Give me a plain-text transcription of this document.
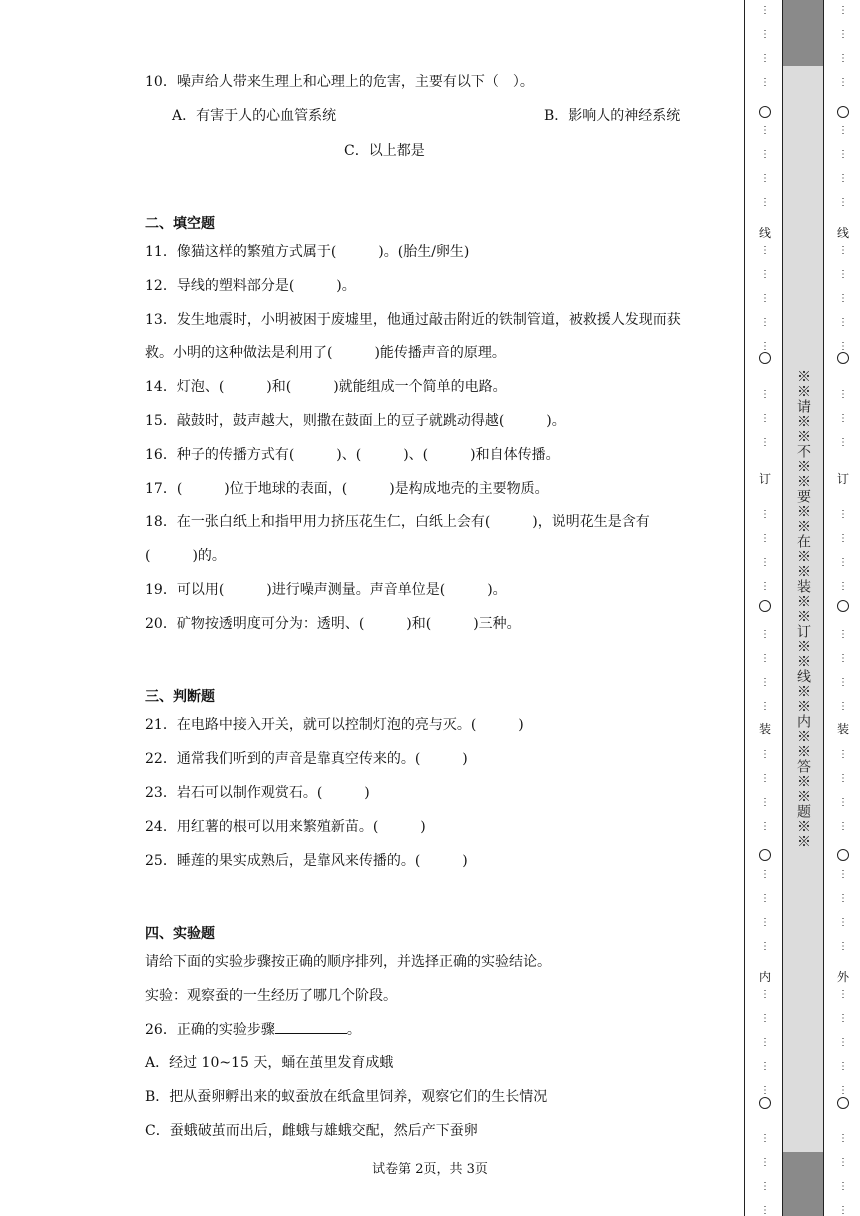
10．噪声给人带来生理上和心理上的危害，主要有以下（　）。
A．有害于人的心血管系统	B．影响人的神经系统
C．以上都是
二、填空题
11．像猫这样的繁殖方式属于(　　　)。(胎生/卵生)
12．导线的塑料部分是(　　　)。
13．发生地震时，小明被困于废墟里，他通过敲击附近的铁制管道，被救援人发现而获
救。小明的这种做法是利用了(　　　)能传播声音的原理。
14．灯泡、(　　　)和(　　　)就能组成一个简单的电路。
15．敲鼓时，鼓声越大，则撒在鼓面上的豆子就跳动得越(　　　)。
16．种子的传播方式有(　　　)、(　　　)、(　　　)和自体传播。
17．(　　　)位于地球的表面，(　　　)是构成地壳的主要物质。
18．在一张白纸上和指甲用力挤压花生仁，白纸上会有(　　　)，说明花生是含有
(　　　)的。
19．可以用(　　　)进行噪声测量。声音单位是(　　　)。
20．矿物按透明度可分为：透明、(　　　)和(　　　)三种。
三、判断题
21．在电路中接入开关，就可以控制灯泡的亮与灭。(　　　)
22．通常我们听到的声音是靠真空传来的。(　　　)
23．岩石可以制作观赏石。(　　　)
24．用红薯的根可以用来繁殖新苗。(　　　)
25．睡莲的果实成熟后，是靠风来传播的。(　　　)
四、实验题
请给下面的实验步骤按正确的顺序排列，并选择正确的实验结论。
实验：观察蚕的一生经历了哪几个阶段。
26．正确的实验步骤	。
A．经过 10~15 天，蛹在茧里发育成蛾
B．把从蚕卵孵出来的蚁蚕放在纸盒里饲养，观察它们的生长情况
C．蚕蛾破茧而出后，雌蛾与雄蛾交配，然后产下蚕卵
试卷第 2页，共 3页
※※请※※不※※要※※在※※装※※订※※线※※内※※答※※题※※
线
订
装
内
⋮
⋮
⋮
⋮
⋮
⋮
⋮
⋮
⋮
⋮
⋮
⋮
⋮
⋮
⋮
⋮
⋮
⋮
⋮
⋮
⋮
⋮
⋮
⋮
⋮
⋮
⋮
⋮
⋮
⋮
⋮
⋮
⋮
⋮
⋮
⋮
⋮
⋮
⋮
⋮
⋮
线
订
装
外
⋮
⋮
⋮
⋮
⋮
⋮
⋮
⋮
⋮
⋮
⋮
⋮
⋮
⋮
⋮
⋮
⋮
⋮
⋮
⋮
⋮
⋮
⋮
⋮
⋮
⋮
⋮
⋮
⋮
⋮
⋮
⋮
⋮
⋮
⋮
⋮
⋮
⋮
⋮
⋮
⋮
